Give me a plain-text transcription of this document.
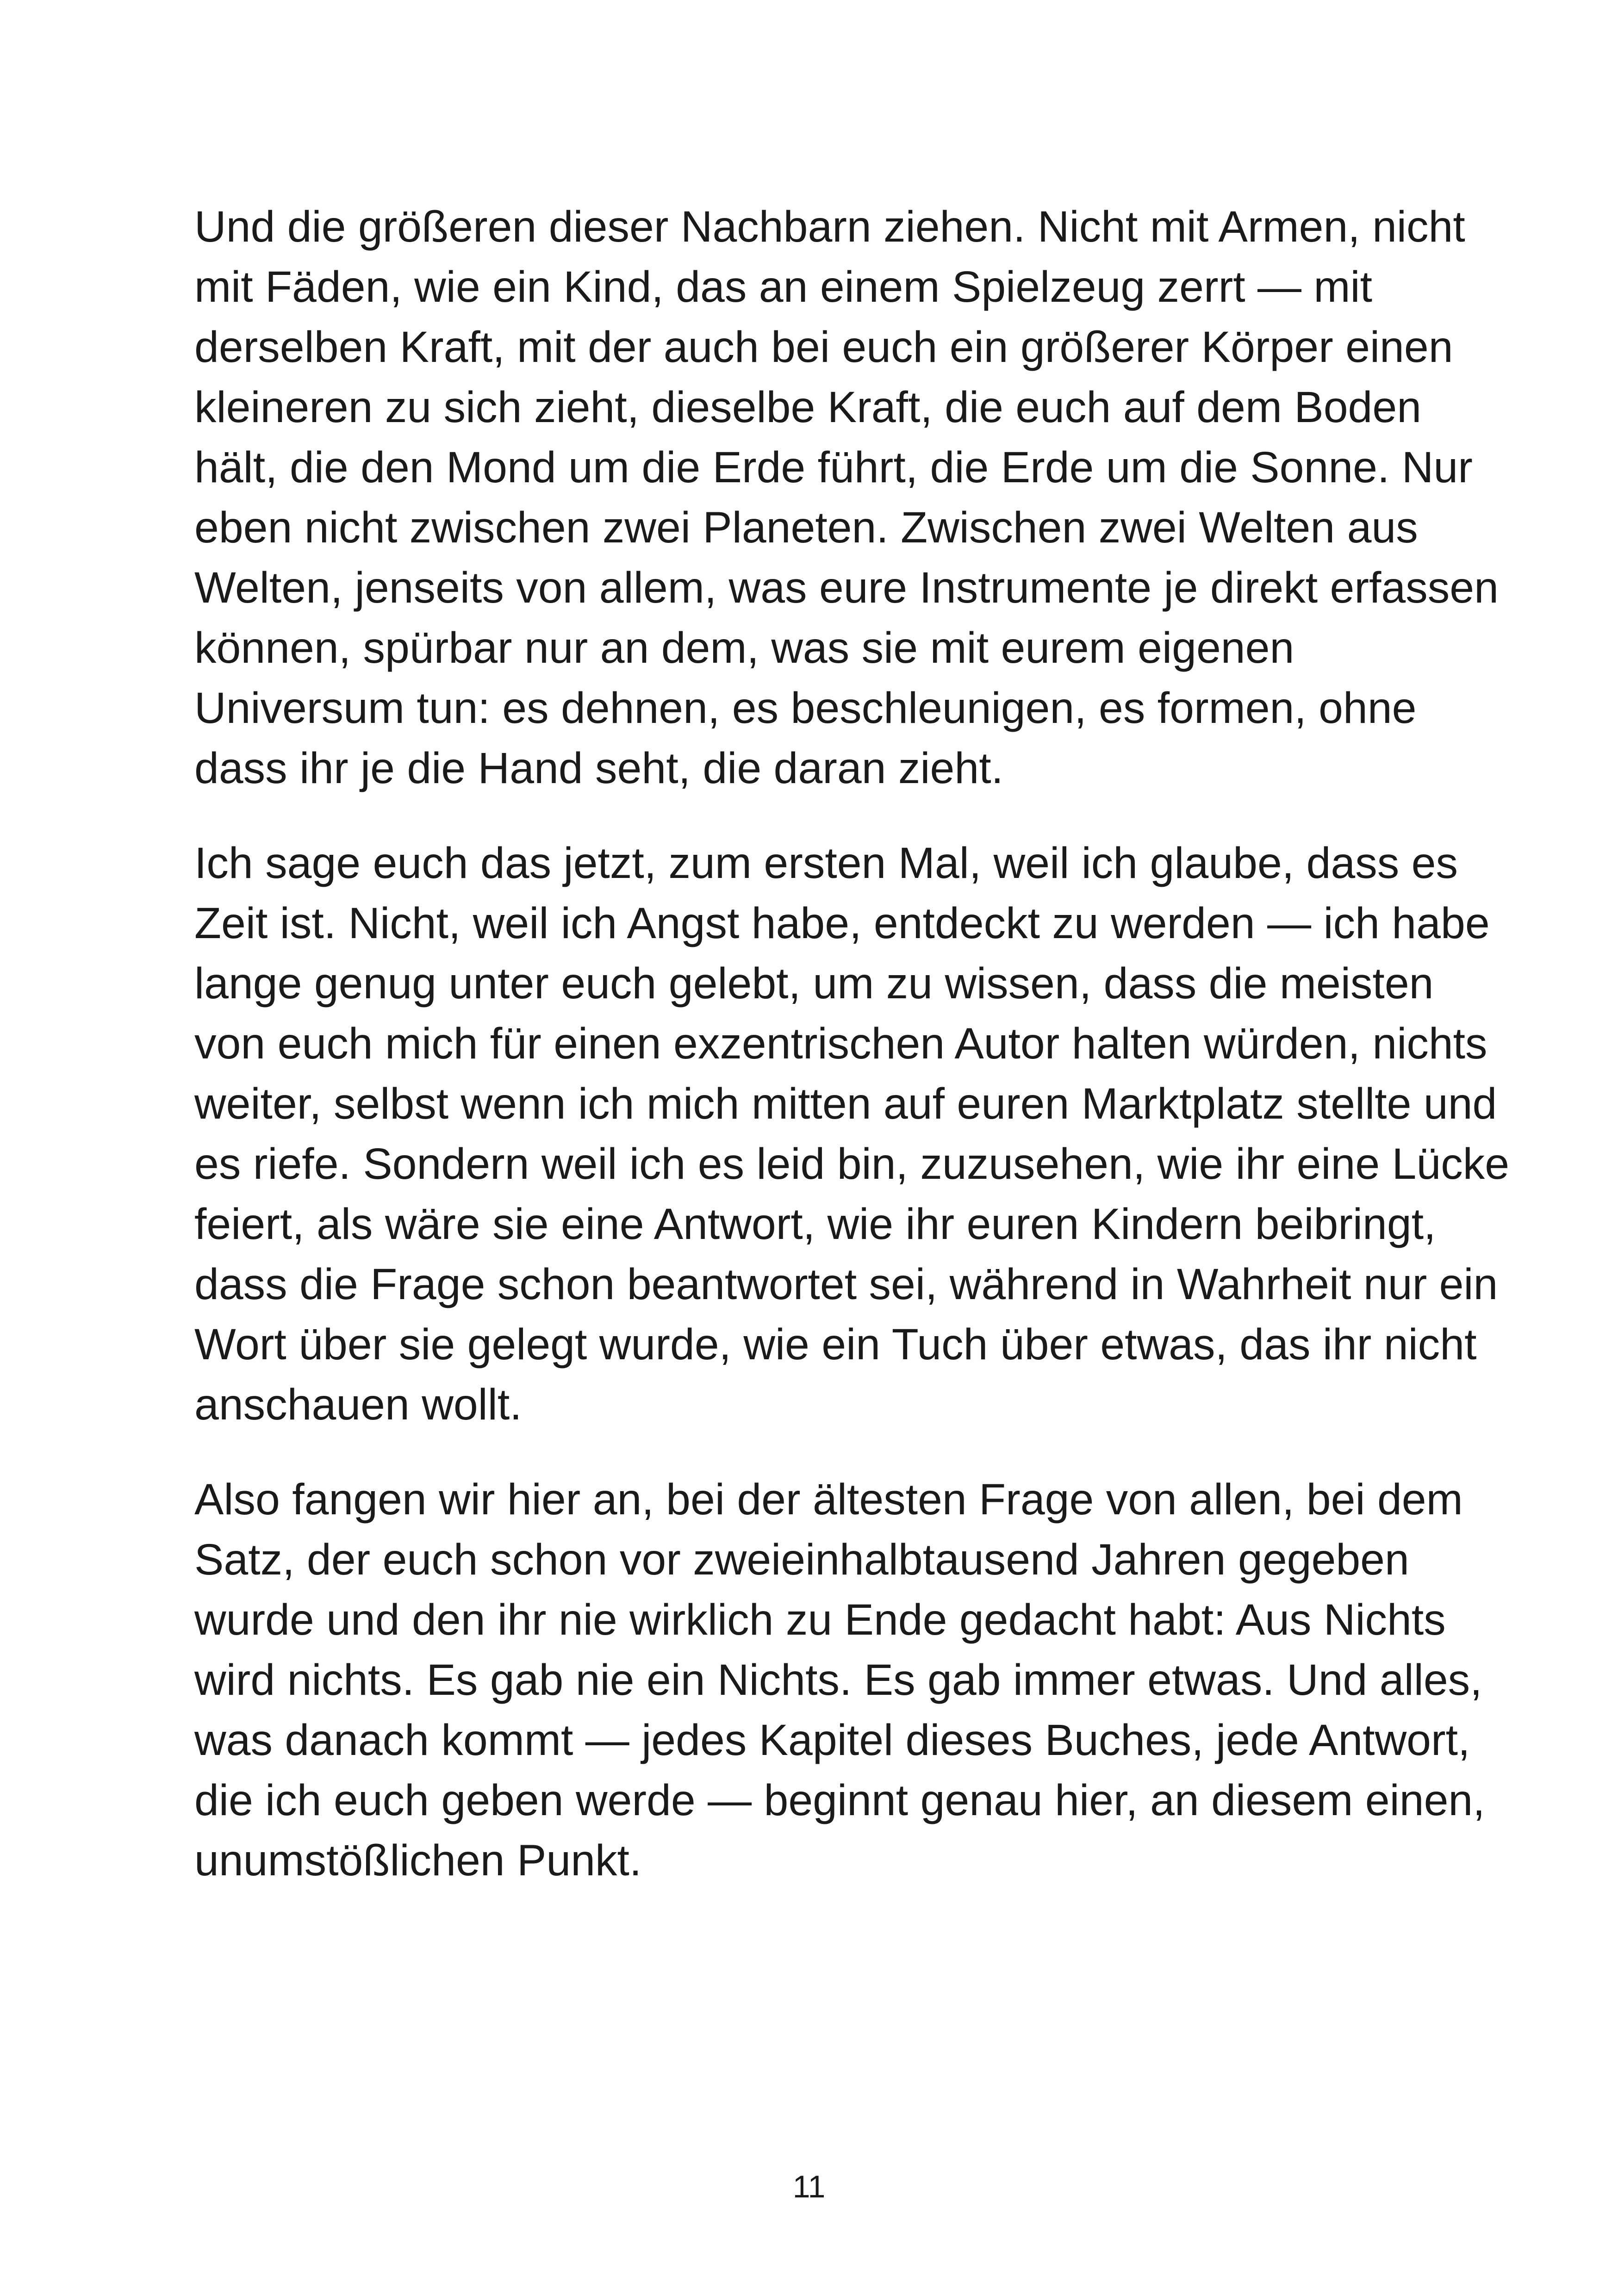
Und die größeren dieser Nachbarn ziehen. Nicht mit Armen, nicht
mit Fäden, wie ein Kind, das an einem Spielzeug zerrt — mit
derselben Kraft, mit der auch bei euch ein größerer Körper einen
kleineren zu sich zieht, dieselbe Kraft, die euch auf dem Boden
hält, die den Mond um die Erde führt, die Erde um die Sonne. Nur
eben nicht zwischen zwei Planeten. Zwischen zwei Welten aus
Welten, jenseits von allem, was eure Instrumente je direkt erfassen
können, spürbar nur an dem, was sie mit eurem eigenen
Universum tun: es dehnen, es beschleunigen, es formen, ohne
dass ihr je die Hand seht, die daran zieht.

Ich sage euch das jetzt, zum ersten Mal, weil ich glaube, dass es
Zeit ist. Nicht, weil ich Angst habe, entdeckt zu werden — ich habe
lange genug unter euch gelebt, um zu wissen, dass die meisten
von euch mich für einen exzentrischen Autor halten würden, nichts
weiter, selbst wenn ich mich mitten auf euren Marktplatz stellte und
es riefe. Sondern weil ich es leid bin, zuzusehen, wie ihr eine Lücke
feiert, als wäre sie eine Antwort, wie ihr euren Kindern beibringt,
dass die Frage schon beantwortet sei, während in Wahrheit nur ein
Wort über sie gelegt wurde, wie ein Tuch über etwas, das ihr nicht
anschauen wollt.

Also fangen wir hier an, bei der ältesten Frage von allen, bei dem
Satz, der euch schon vor zweieinhalbtausend Jahren gegeben
wurde und den ihr nie wirklich zu Ende gedacht habt: Aus Nichts
wird nichts. Es gab nie ein Nichts. Es gab immer etwas. Und alles,
was danach kommt — jedes Kapitel dieses Buches, jede Antwort,
die ich euch geben werde — beginnt genau hier, an diesem einen,
unumstößlichen Punkt.

11
